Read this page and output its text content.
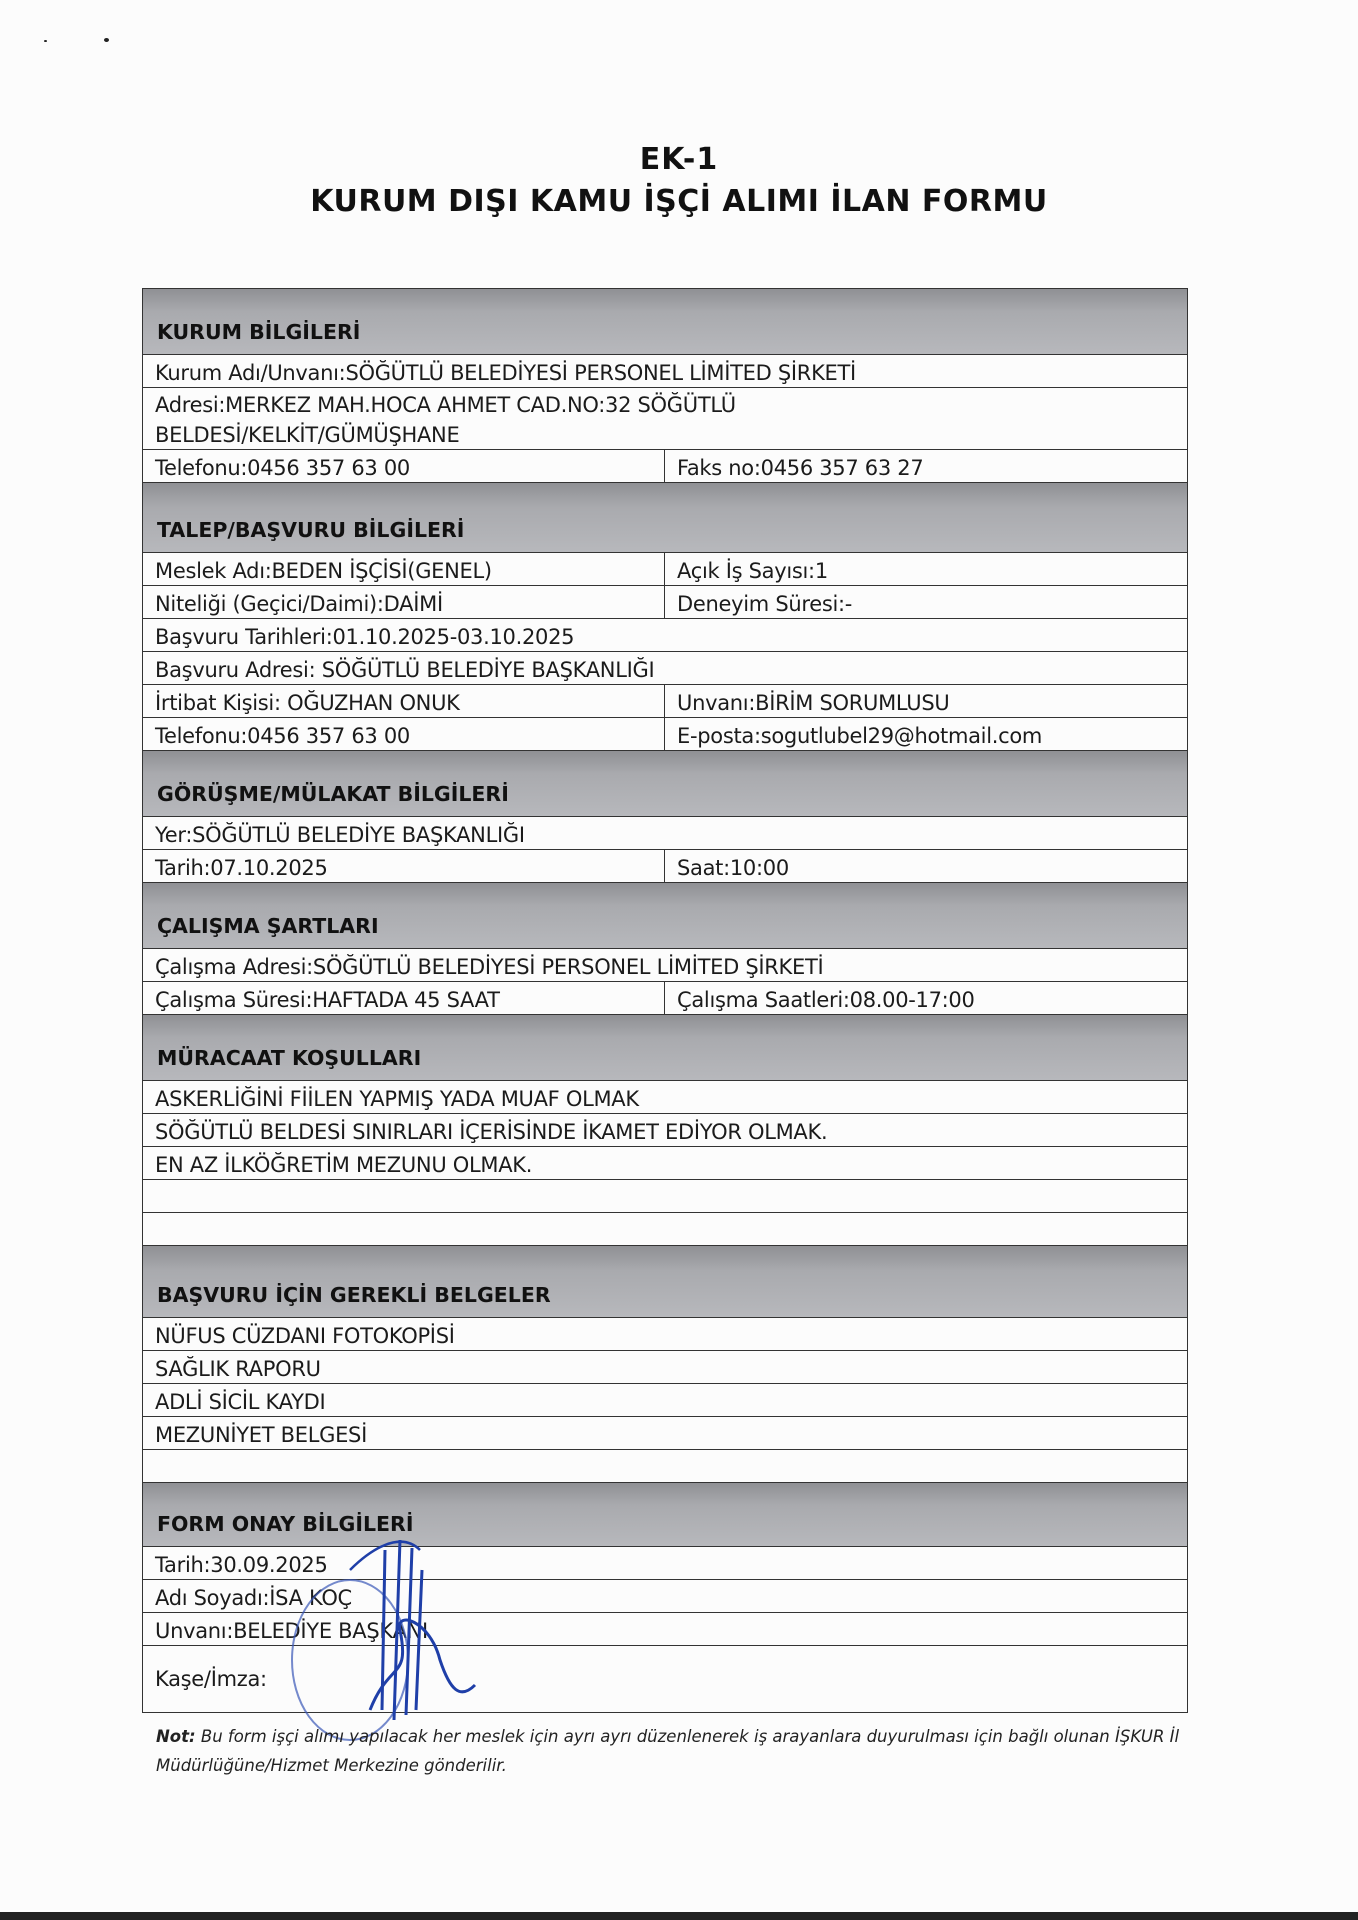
EK-1
KURUM DIŞI KAMU İŞÇİ ALIMI İLAN FORMU
KURUM BİLGİLERİ
Kurum Adı/Unvanı:SÖĞÜTLÜ BELEDİYESİ PERSONEL LİMİTED ŞİRKETİ
Adresi:MERKEZ MAH.HOCA AHMET CAD.NO:32 SÖĞÜTLÜ BELDESİ/KELKİT/GÜMÜŞHANE
Telefonu:0456 357 63 00	Faks no:0456 357 63 27
TALEP/BAŞVURU BİLGİLERİ
Meslek Adı:BEDEN İŞÇİSİ(GENEL)	Açık İş Sayısı:1
Niteliği (Geçici/Daimi):DAİMİ	Deneyim Süresi:-
Başvuru Tarihleri:01.10.2025-03.10.2025
Başvuru Adresi: SÖĞÜTLÜ BELEDİYE BAŞKANLIĞI
İrtibat Kişisi: OĞUZHAN ONUK	Unvanı:BİRİM SORUMLUSU
Telefonu:0456 357 63 00	E-posta:sogutlubel29@hotmail.com
GÖRÜŞME/MÜLAKAT BİLGİLERİ
Yer:SÖĞÜTLÜ BELEDİYE BAŞKANLIĞI
Tarih:07.10.2025	Saat:10:00
ÇALIŞMA ŞARTLARI
Çalışma Adresi:SÖĞÜTLÜ BELEDİYESİ PERSONEL LİMİTED ŞİRKETİ
Çalışma Süresi:HAFTADA 45 SAAT	Çalışma Saatleri:08.00-17:00
MÜRACAAT KOŞULLARI
ASKERLİĞİNİ FİİLEN YAPMIŞ YADA MUAF OLMAK
SÖĞÜTLÜ BELDESİ SINIRLARI İÇERİSİNDE İKAMET EDİYOR OLMAK.
EN AZ İLKÖĞRETİM MEZUNU OLMAK.
BAŞVURU İÇİN GEREKLİ BELGELER
NÜFUS CÜZDANI FOTOKOPİSİ
SAĞLIK RAPORU
ADLİ SİCİL KAYDI
MEZUNİYET BELGESİ
FORM ONAY BİLGİLERİ
Tarih:30.09.2025
Adı Soyadı:İSA KOÇ
Unvanı:BELEDİYE BAŞKANI
Kaşe/İmza:
Not: Bu form işçi alımı yapılacak her meslek için ayrı ayrı düzenlenerek iş arayanlara duyurulması için bağlı olunan İŞKUR İl Müdürlüğüne/Hizmet Merkezine gönderilir.
